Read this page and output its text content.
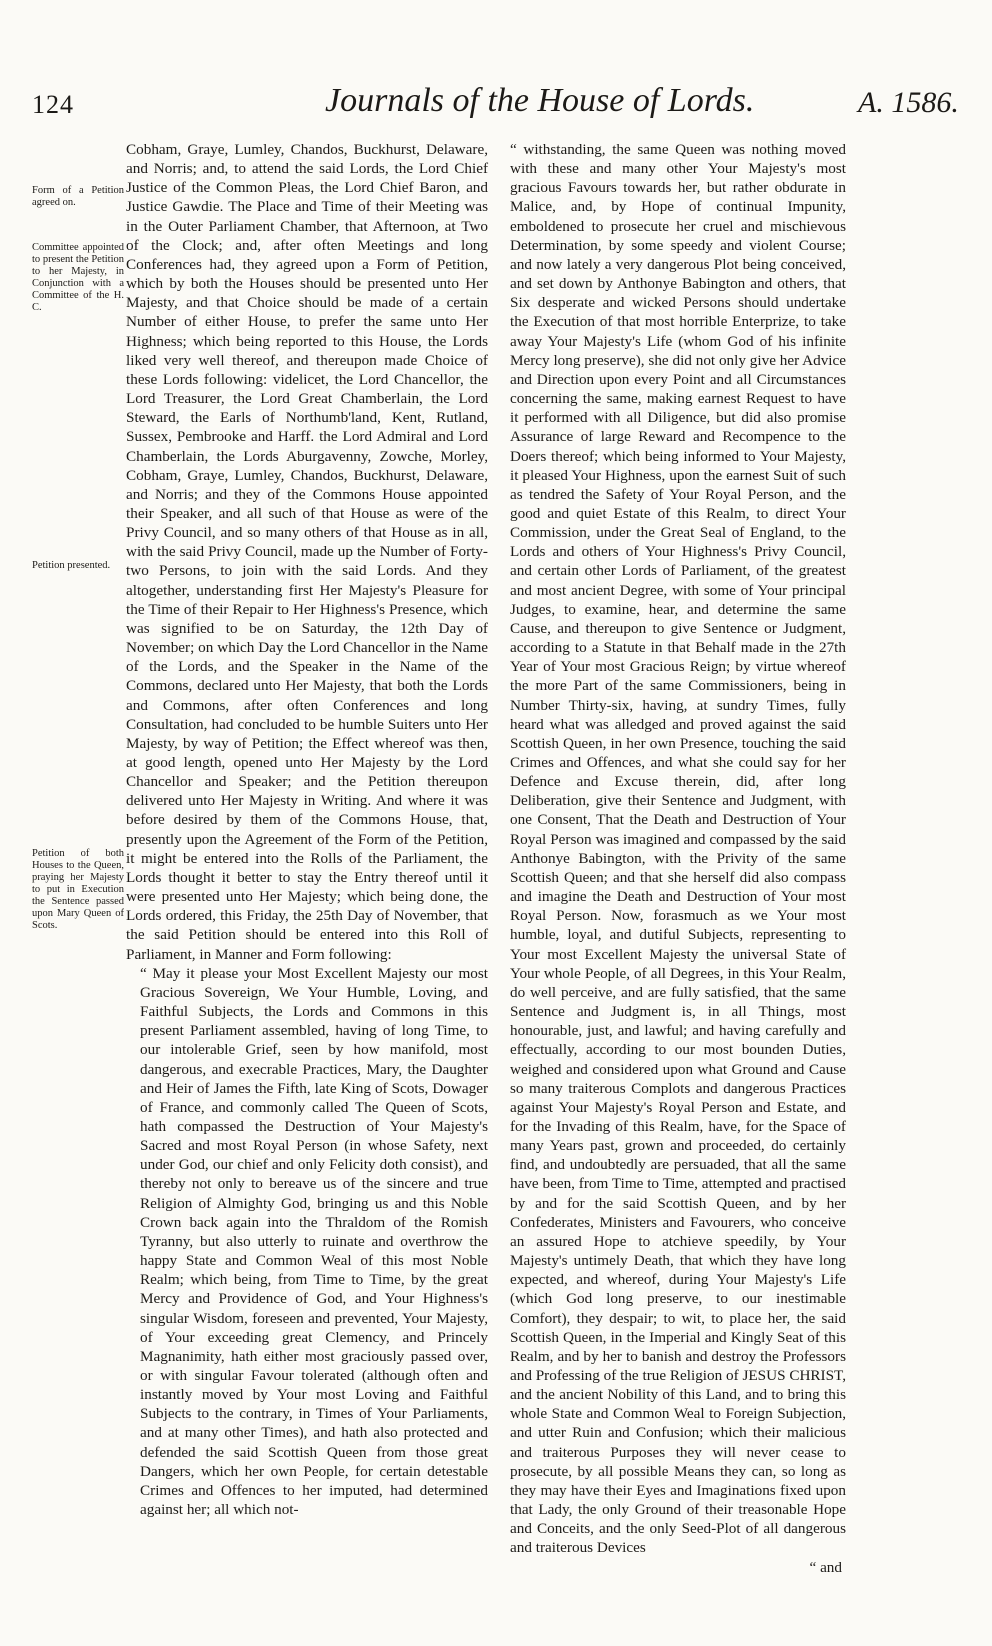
124	Journals of the House of Lords.	A. 1586.
Form of a Petition agreed on.
Committee appointed to present the Petition to her Majesty, in Conjunction with a Committee of the H. C.
Petition presented.
Petition of both Houses to the Queen, praying her Majesty to put in Execution the Sentence passed upon Mary Queen of Scots.

Cobham, Graye, Lumley, Chandos, Buckhurst, Delaware, and Norris; and, to attend the said Lords, the Lord Chief Justice of the Common Pleas, the Lord Chief Baron, and Justice Gawdie. The Place and Time of their Meeting was in the Outer Parliament Chamber, that Afternoon, at Two of the Clock; and, after often Meetings and long Conferences had, they agreed upon a Form of Petition, which by both the Houses should be presented unto Her Majesty, and that Choice should be made of a certain Number of either House, to prefer the same unto Her Highness; which being reported to this House, the Lords liked very well thereof, and thereupon made Choice of these Lords following: videlicet, the Lord Chancellor, the Lord Treasurer, the Lord Great Chamberlain, the Lord Steward, the Earls of Northumb'land, Kent, Rutland, Sussex, Pembrooke and Harff. the Lord Admiral and Lord Chamberlain, the Lords Aburgavenny, Zowche, Morley, Cobham, Graye, Lumley, Chandos, Buckhurst, Delaware, and Norris; and they of the Commons House appointed their Speaker, and all such of that House as were of the Privy Council, and so many others of that House as in all, with the said Privy Council, made up the Number of Forty-two Persons, to join with the said Lords. And they altogether, understanding first Her Majesty's Pleasure for the Time of their Repair to Her Highness's Presence, which was signified to be on Saturday, the 12th Day of November; on which Day the Lord Chancellor in the Name of the Lords, and the Speaker in the Name of the Commons, declared unto Her Majesty, that both the Lords and Commons, after often Conferences and long Consultation, had concluded to be humble Suiters unto Her Majesty, by way of Petition; the Effect whereof was then, at good length, opened unto Her Majesty by the Lord Chancellor and Speaker; and the Petition thereupon delivered unto Her Majesty in Writing. And where it was before desired by them of the Commons House, that, presently upon the Agreement of the Form of the Petition, it might be entered into the Rolls of the Parliament, the Lords thought it better to stay the Entry thereof until it were presented unto Her Majesty; which being done, the Lords ordered, this Friday, the 25th Day of November, that the said Petition should be entered into this Roll of Parliament, in Manner and Form following:

“ May it please your Most Excellent Majesty our most Gracious Sovereign, We Your Humble, Loving, and Faithful Subjects, the Lords and Commons in this present Parliament assembled, having of long Time, to our intolerable Grief, seen by how manifold, most dangerous, and execrable Practices, Mary, the Daughter and Heir of James the Fifth, late King of Scots, Dowager of France, and commonly called The Queen of Scots, hath compassed the Destruction of Your Majesty's Sacred and most Royal Person (in whose Safety, next under God, our chief and only Felicity doth consist), and thereby not only to bereave us of the sincere and true Religion of Almighty God, bringing us and this Noble Crown back again into the Thraldom of the Romish Tyranny, but also utterly to ruinate and overthrow the happy State and Common Weal of this most Noble Realm; which being, from Time to Time, by the great Mercy and Providence of God, and Your Highness's singular Wisdom, foreseen and prevented, Your Majesty, of Your exceeding great Clemency, and Princely Magnanimity, hath either most graciously passed over, or with singular Favour tolerated (although often and instantly moved by Your most Loving and Faithful Subjects to the contrary, in Times of Your Parliaments, and at many other Times), and hath also protected and defended the said Scottish Queen from those great Dangers, which her own People, for certain detestable Crimes and Offences to her imputed, had determined against her; all which not-

“ withstanding, the same Queen was nothing moved with these and many other Your Majesty's most gracious Favours towards her, but rather obdurate in Malice, and, by Hope of continual Impunity, emboldened to prosecute her cruel and mischievous Determination, by some speedy and violent Course; and now lately a very dangerous Plot being conceived, and set down by Anthonye Babington and others, that Six desperate and wicked Persons should undertake the Execution of that most horrible Enterprize, to take away Your Majesty's Life (whom God of his infinite Mercy long preserve), she did not only give her Advice and Direction upon every Point and all Circumstances concerning the same, making earnest Request to have it performed with all Diligence, but did also promise Assurance of large Reward and Recompence to the Doers thereof; which being informed to Your Majesty, it pleased Your Highness, upon the earnest Suit of such as tendred the Safety of Your Royal Person, and the good and quiet Estate of this Realm, to direct Your Commission, under the Great Seal of England, to the Lords and others of Your Highness's Privy Council, and certain other Lords of Parliament, of the greatest and most ancient Degree, with some of Your principal Judges, to examine, hear, and determine the same Cause, and thereupon to give Sentence or Judgment, according to a Statute in that Behalf made in the 27th Year of Your most Gracious Reign; by virtue whereof the more Part of the same Commissioners, being in Number Thirty-six, having, at sundry Times, fully heard what was alledged and proved against the said Scottish Queen, in her own Presence, touching the said Crimes and Offences, and what she could say for her Defence and Excuse therein, did, after long Deliberation, give their Sentence and Judgment, with one Consent, That the Death and Destruction of Your Royal Person was imagined and compassed by the said Anthonye Babington, with the Privity of the same Scottish Queen; and that she herself did also compass and imagine the Death and Destruction of Your most Royal Person. Now, forasmuch as we Your most humble, loyal, and dutiful Subjects, representing to Your most Excellent Majesty the universal State of Your whole People, of all Degrees, in this Your Realm, do well perceive, and are fully satisfied, that the same Sentence and Judgment is, in all Things, most honourable, just, and lawful; and having carefully and effectually, according to our most bounden Duties, weighed and considered upon what Ground and Cause so many traiterous Complots and dangerous Practices against Your Majesty's Royal Person and Estate, and for the Invading of this Realm, have, for the Space of many Years past, grown and proceeded, do certainly find, and undoubtedly are persuaded, that all the same have been, from Time to Time, attempted and practised by and for the said Scottish Queen, and by her Confederates, Ministers and Favourers, who conceive an assured Hope to atchieve speedily, by Your Majesty's untimely Death, that which they have long expected, and whereof, during Your Majesty's Life (which God long preserve, to our inestimable Comfort), they despair; to wit, to place her, the said Scottish Queen, in the Imperial and Kingly Seat of this Realm, and by her to banish and destroy the Professors and Professing of the true Religion of JESUS CHRIST, and the ancient Nobility of this Land, and to bring this whole State and Common Weal to Foreign Subjection, and utter Ruin and Confusion; which their malicious and traiterous Purposes they will never cease to prosecute, by all possible Means they can, so long as they may have their Eyes and Imaginations fixed upon that Lady, the only Ground of their treasonable Hope and Conceits, and the only Seed-Plot of all dangerous and traiterous Devices

“ and
